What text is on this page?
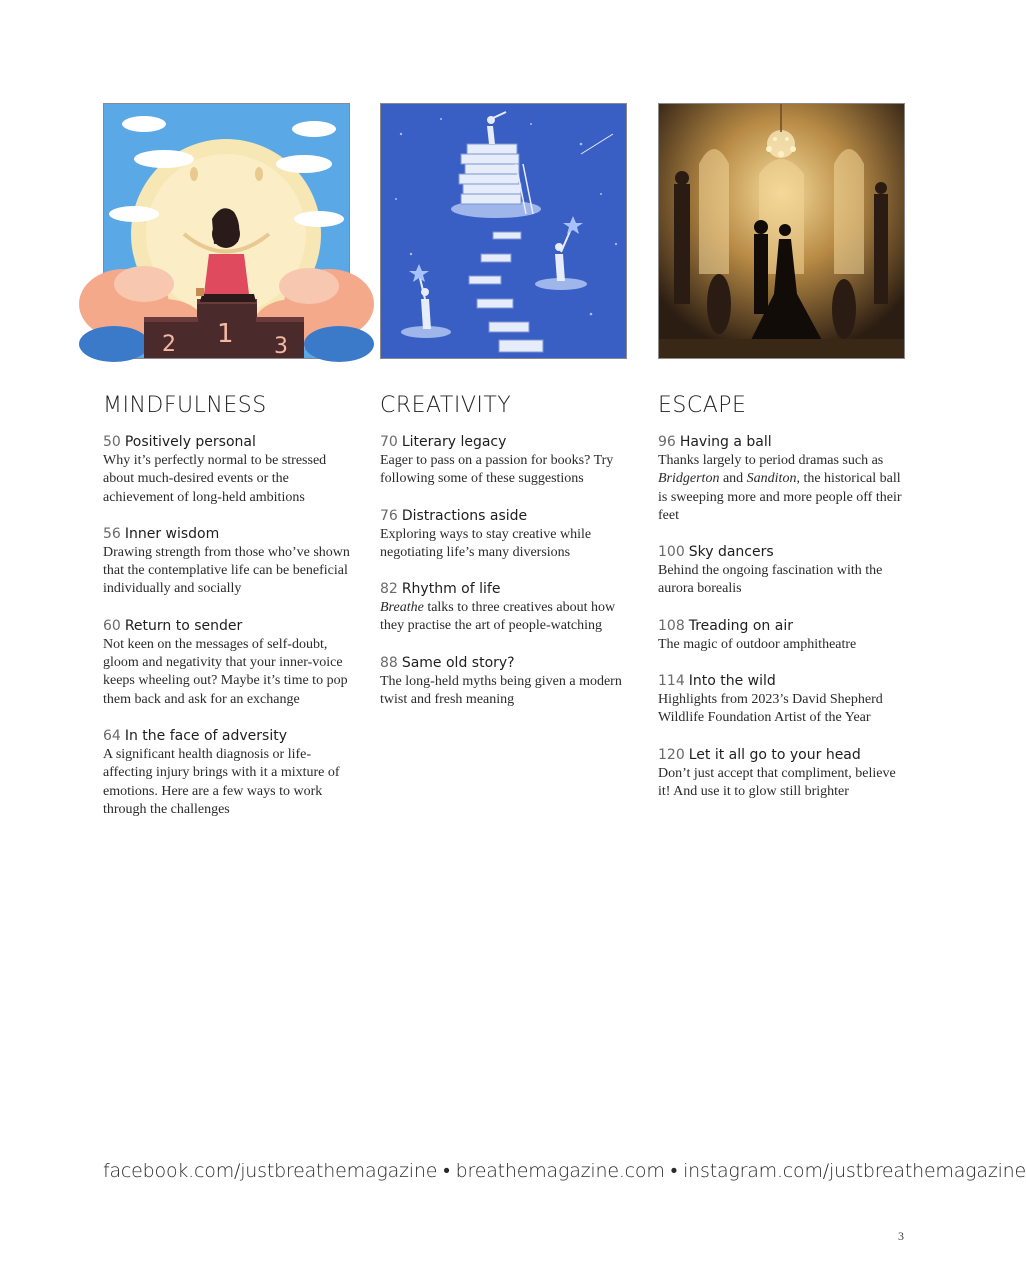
2 1 3
MINDFULNESS
50 Positively personal
Why it’s perfectly normal to be stressed about much-desired events or the achievement of long-held ambitions
56 Inner wisdom
Drawing strength from those who’ve shown that the contemplative life can be beneficial individually and socially
60 Return to sender
Not keen on the messages of self-doubt, gloom and negativity that your inner-voice keeps wheeling out? Maybe it’s time to pop them back and ask for an exchange
64 In the face of adversity
A significant health diagnosis or life-affecting injury brings with it a mixture of emotions. Here are a few ways to work through the challenges
CREATIVITY
70 Literary legacy
Eager to pass on a passion for books? Try following some of these suggestions
76 Distractions aside
Exploring ways to stay creative while negotiating life’s many diversions
82 Rhythm of life
Breathe talks to three creatives about how they practise the art of people-watching
88 Same old story?
The long-held myths being given a modern twist and fresh meaning
ESCAPE
96 Having a ball
Thanks largely to period dramas such as Bridgerton and Sanditon, the historical ball is sweeping more and more people off their feet
100 Sky dancers
Behind the ongoing fascination with the aurora borealis
108 Treading on air
The magic of outdoor amphitheatre
114 Into the wild
Highlights from 2023’s David Shepherd Wildlife Foundation Artist of the Year
120 Let it all go to your head
Don’t just accept that compliment, believe it! And use it to glow still brighter
facebook.com/justbreathemagazine • breathemagazine.com • instagram.com/justbreathemagazine
3
